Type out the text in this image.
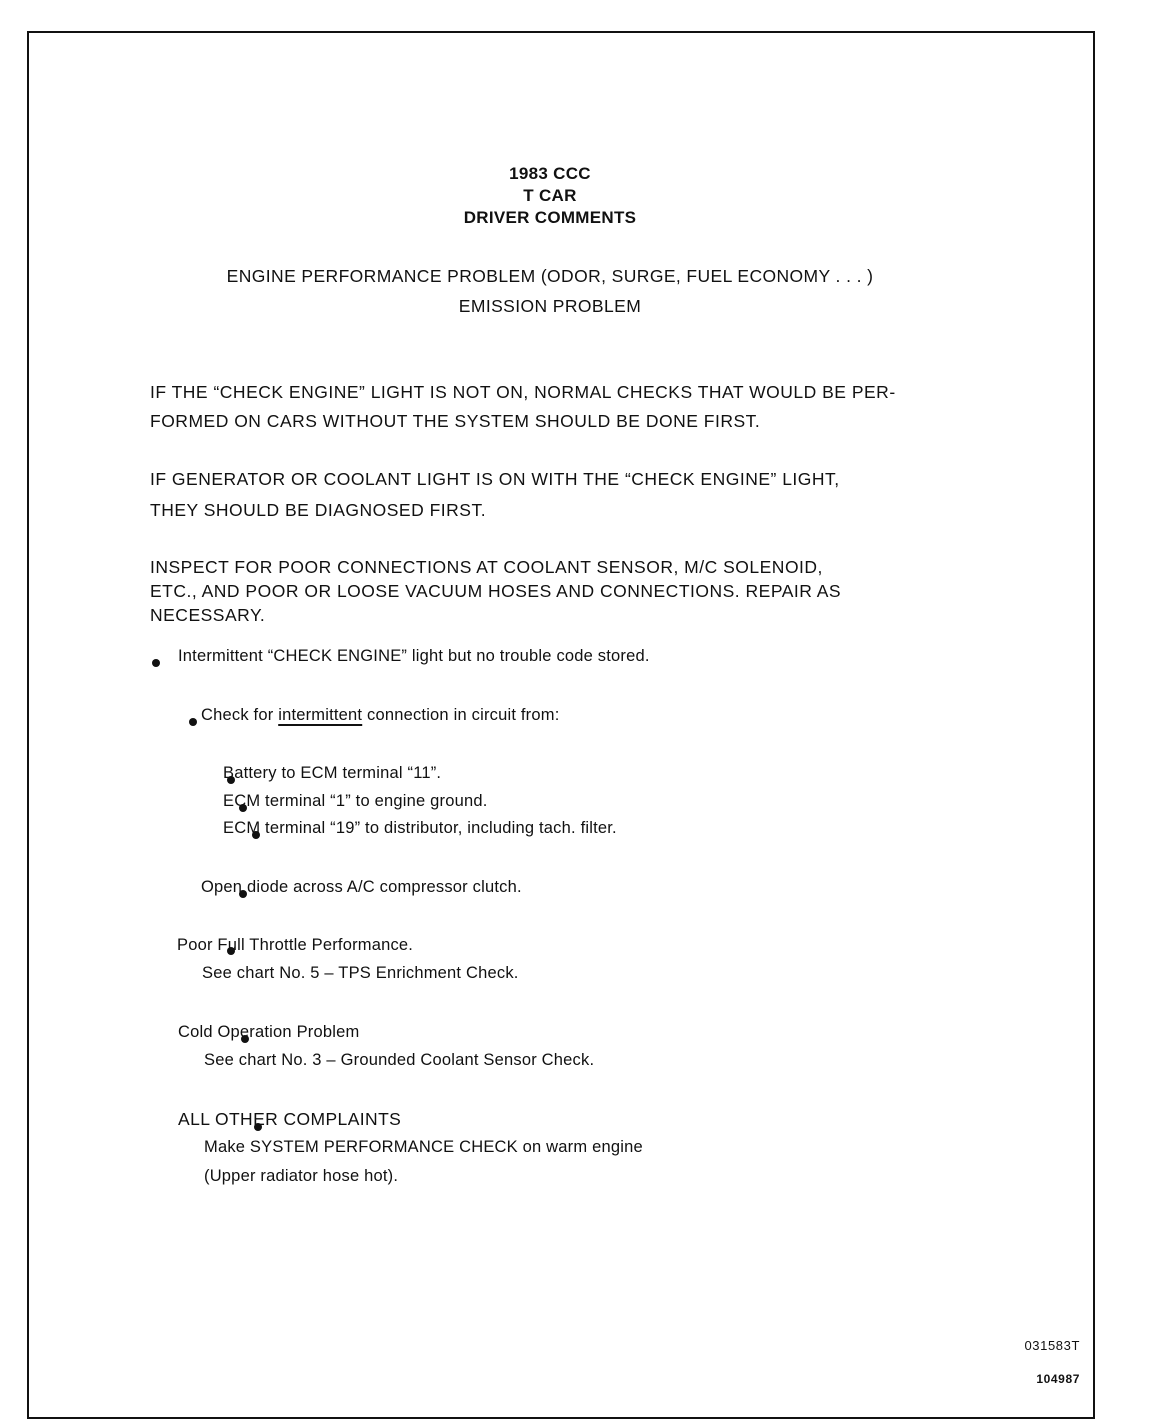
1983 CCC
T CAR
DRIVER COMMENTS
ENGINE PERFORMANCE PROBLEM (ODOR, SURGE, FUEL ECONOMY . . . )
EMISSION PROBLEM
IF THE “CHECK ENGINE” LIGHT IS NOT ON, NORMAL CHECKS THAT WOULD BE PER-
FORMED ON CARS WITHOUT THE SYSTEM SHOULD BE DONE FIRST.
IF GENERATOR OR COOLANT LIGHT IS ON WITH THE “CHECK ENGINE” LIGHT,
THEY SHOULD BE DIAGNOSED FIRST.
INSPECT FOR POOR CONNECTIONS AT COOLANT SENSOR, M/C SOLENOID,
ETC., AND POOR OR LOOSE VACUUM HOSES AND CONNECTIONS. REPAIR AS
NECESSARY.

Intermittent “CHECK ENGINE” light but no trouble code stored.

Check for intermittent connection in circuit from:

Battery to ECM terminal “11”.

ECM terminal “1” to engine ground.

ECM terminal “19” to distributor, including tach. filter.

Open diode across A/C compressor clutch.

Poor Full Throttle Performance.
See chart No. 5 – TPS Enrichment Check.

Cold Operation Problem
See chart No. 3 – Grounded Coolant Sensor Check.
ALL OTHER COMPLAINTS
Make SYSTEM PERFORMANCE CHECK on warm engine
(Upper radiator hose hot).
031583T
104987
